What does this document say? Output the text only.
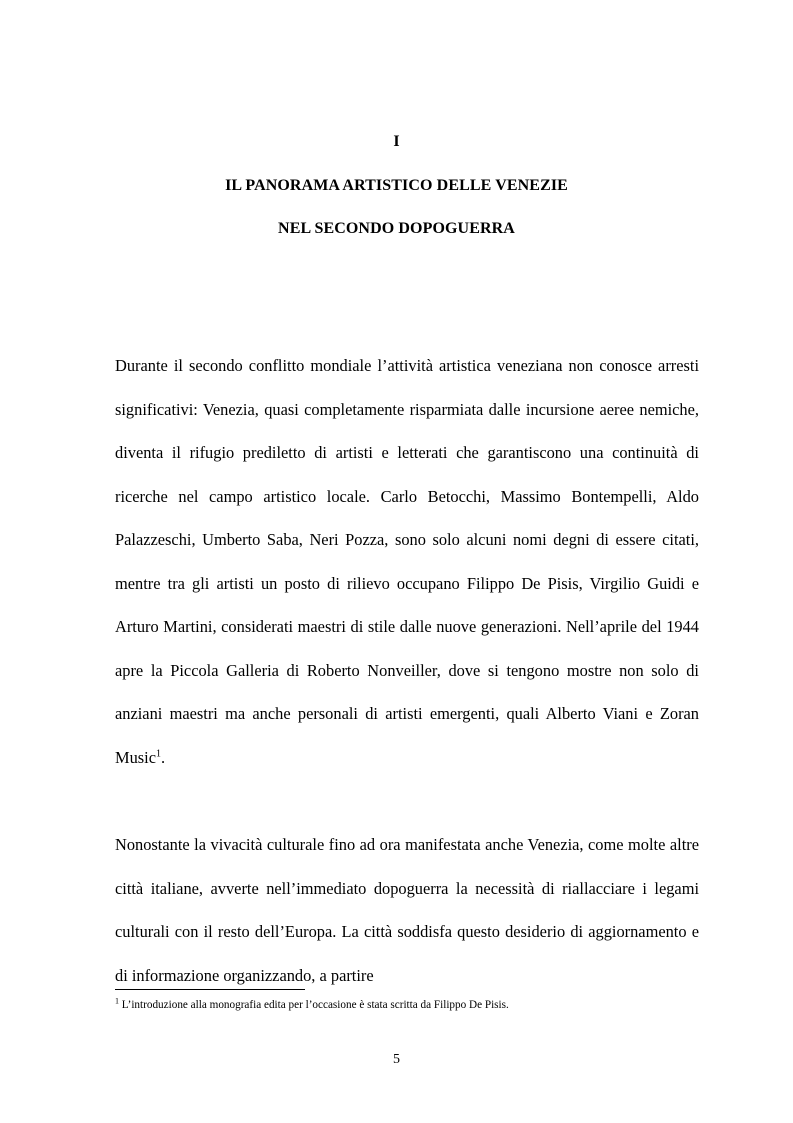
I
IL PANORAMA ARTISTICO DELLE VENEZIE
NEL SECONDO DOPOGUERRA

Durante il secondo conflitto mondiale l’attività artistica veneziana non conosce arresti significativi: Venezia, quasi completamente risparmiata dalle incursione aeree nemiche, diventa il rifugio prediletto di artisti e letterati che garantiscono una continuità di ricerche nel campo artistico locale. Carlo Betocchi, Massimo Bontempelli, Aldo Palazzeschi, Umberto Saba, Neri Pozza, sono solo alcuni nomi degni di essere citati, mentre tra gli artisti un posto di rilievo occupano Filippo De Pisis, Virgilio Guidi e Arturo Martini, considerati maestri di stile dalle nuove generazioni. Nell’aprile del 1944 apre la Piccola Galleria di Roberto Nonveiller, dove si tengono mostre non solo di anziani maestri ma anche personali di artisti emergenti, quali Alberto Viani e Zoran Music$^1$.

Nonostante la vivacità culturale fino ad ora manifestata anche Venezia, come molte altre città italiane, avverte nell’immediato dopoguerra la necessità di riallacciare i legami culturali con il resto dell’Europa. La città soddisfa questo desiderio di aggiornamento e di informazione organizzando, a partire

$^1$ L’introduzione alla monografia edita per l’occasione è stata scritta da Filippo De Pisis.
5
